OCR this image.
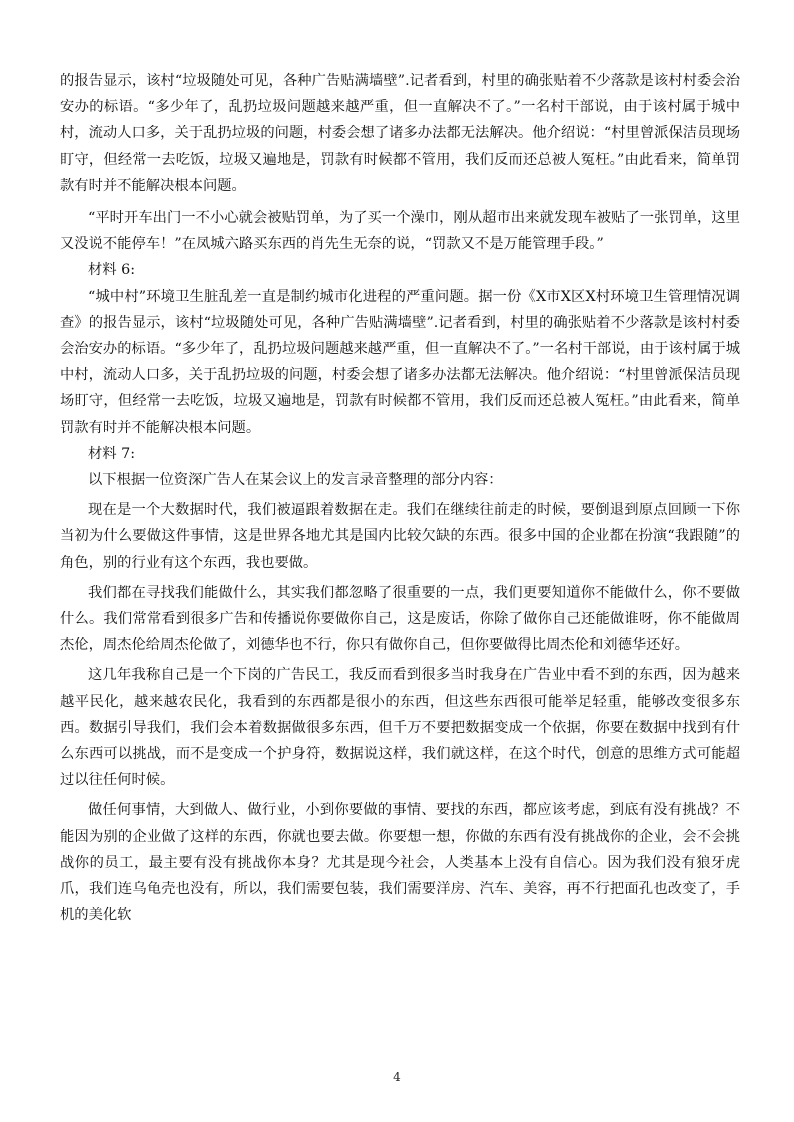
的报告显示，该村“垃圾随处可见，各种广告贴满墙壁”.记者看到，村里的确张贴着不少落款是该村村委会治安办的标语。“多少年了，乱扔垃圾问题越来越严重，但一直解决不了。”一名村干部说，由于该村属于城中村，流动人口多，关于乱扔垃圾的问题，村委会想了诸多办法都无法解决。他介绍说：“村里曾派保洁员现场盯守，但经常一去吃饭，垃圾又遍地是，罚款有时候都不管用，我们反而还总被人冤枉。”由此看来，简单罚款有时并不能解决根本问题。

“平时开车出门一不小心就会被贴罚单，为了买一个澡巾，刚从超市出来就发现车被贴了一张罚单，这里又没说不能停车！”在凤城六路买东西的肖先生无奈的说，“罚款又不是万能管理手段。”

材料 6:

“城中村”环境卫生脏乱差一直是制约城市化进程的严重问题。据一份《X市X区X村环境卫生管理情况调查》的报告显示，该村“垃圾随处可见，各种广告贴满墙壁”.记者看到，村里的确张贴着不少落款是该村村委会治安办的标语。“多少年了，乱扔垃圾问题越来越严重，但一直解决不了。”一名村干部说，由于该村属于城中村，流动人口多，关于乱扔垃圾的问题，村委会想了诸多办法都无法解决。他介绍说：“村里曾派保洁员现场盯守，但经常一去吃饭，垃圾又遍地是，罚款有时候都不管用，我们反而还总被人冤枉。”由此看来，简单罚款有时并不能解决根本问题。

材料 7:

以下根据一位资深广告人在某会议上的发言录音整理的部分内容：

现在是一个大数据时代，我们被逼跟着数据在走。我们在继续往前走的时候，要倒退到原点回顾一下你当初为什么要做这件事情，这是世界各地尤其是国内比较欠缺的东西。很多中国的企业都在扮演“我跟随”的角色，别的行业有这个东西，我也要做。

我们都在寻找我们能做什么，其实我们都忽略了很重要的一点，我们更要知道你不能做什么，你不要做什么。我们常常看到很多广告和传播说你要做你自己，这是废话，你除了做你自己还能做谁呀，你不能做周杰伦，周杰伦给周杰伦做了，刘德华也不行，你只有做你自己，但你要做得比周杰伦和刘德华还好。

这几年我称自己是一个下岗的广告民工，我反而看到很多当时我身在广告业中看不到的东西，因为越来越平民化，越来越农民化，我看到的东西都是很小的东西，但这些东西很可能举足轻重，能够改变很多东西。数据引导我们，我们会本着数据做很多东西，但千万不要把数据变成一个依据，你要在数据中找到有什么东西可以挑战，而不是变成一个护身符，数据说这样，我们就这样，在这个时代，创意的思维方式可能超过以往任何时候。

做任何事情，大到做人、做行业，小到你要做的事情、要找的东西，都应该考虑，到底有没有挑战？不能因为别的企业做了这样的东西，你就也要去做。你要想一想，你做的东西有没有挑战你的企业，会不会挑战你的员工，最主要有没有挑战你本身？尤其是现今社会，人类基本上没有自信心。因为我们没有狼牙虎爪，我们连乌龟壳也没有，所以，我们需要包装，我们需要洋房、汽车、美容，再不行把面孔也改变了，手机的美化软

4
